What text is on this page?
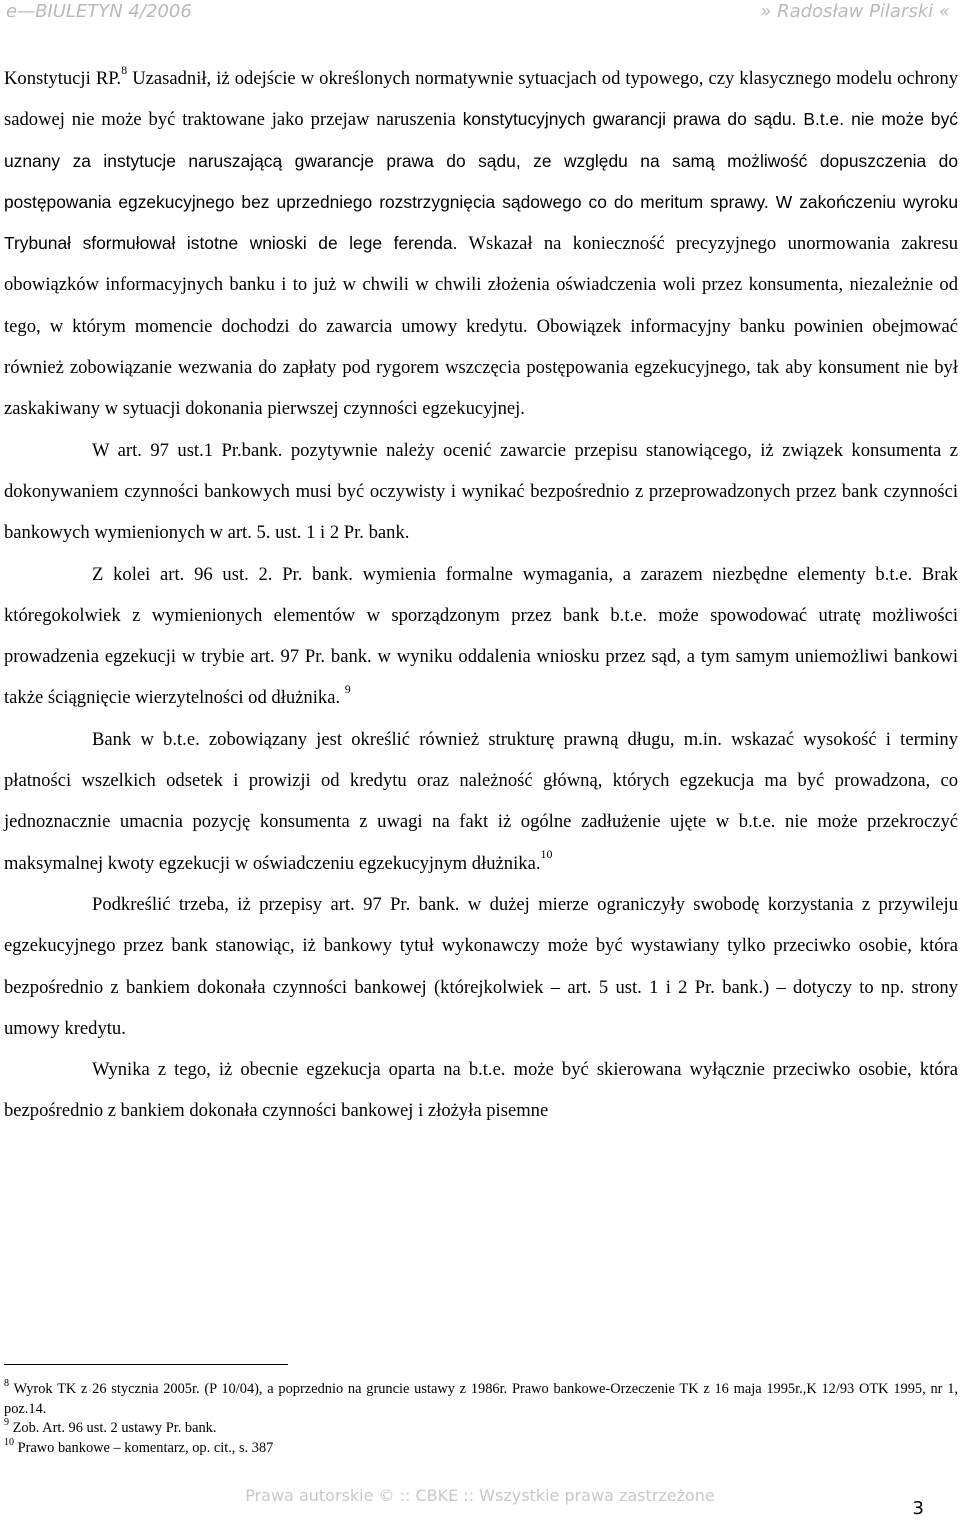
e—BIULETYN 4/2006	» Radosław Pilarski «

Konstytucji RP.$^8$ Uzasadnił, iż odejście w określonych normatywnie sytuacjach od typowego, czy klasycznego modelu ochrony sadowej nie może być traktowane jako przejaw naruszenia konstytucyjnych gwarancji prawa do sądu. B.t.e. nie może być uznany za instytucje naruszającą gwarancje prawa do sądu, ze względu na samą możliwość dopuszczenia do postępowania egzekucyjnego bez uprzedniego rozstrzygnięcia sądowego co do meritum sprawy. W zakończeniu wyroku Trybunał sformułował istotne wnioski de lege ferenda. Wskazał na konieczność precyzyjnego unormowania zakresu obowiązków informacyjnych banku i to już w chwili w chwili złożenia oświadczenia woli przez konsumenta, niezależnie od tego, w którym momencie dochodzi do zawarcia umowy kredytu. Obowiązek informacyjny banku powinien obejmować również zobowiązanie wezwania do zapłaty pod rygorem wszczęcia postępowania egzekucyjnego, tak aby konsument nie był zaskakiwany w sytuacji dokonania pierwszej czynności egzekucyjnej.

W art. 97 ust.1 Pr.bank. pozytywnie należy ocenić zawarcie przepisu stanowiącego, iż związek konsumenta z dokonywaniem czynności bankowych musi być oczywisty i wynikać bezpośrednio z przeprowadzonych przez bank czynności bankowych wymienionych w art. 5. ust. 1 i 2 Pr. bank.

Z kolei art. 96 ust. 2. Pr. bank. wymienia formalne wymagania, a zarazem niezbędne elementy b.t.e. Brak któregokolwiek z wymienionych elementów w sporządzonym przez bank b.t.e. może spowodować utratę możliwości prowadzenia egzekucji w trybie art. 97 Pr. bank. w wyniku oddalenia wniosku przez sąd, a tym samym uniemożliwi bankowi także ściągnięcie wierzytelności od dłużnika. $^9$

Bank w b.t.e. zobowiązany jest określić również strukturę prawną długu, m.in. wskazać wysokość i terminy płatności wszelkich odsetek i prowizji od kredytu oraz należność główną, których egzekucja ma być prowadzona, co jednoznacznie umacnia pozycję konsumenta z uwagi na fakt iż ogólne zadłużenie ujęte w b.t.e. nie może przekroczyć maksymalnej kwoty egzekucji w oświadczeniu egzekucyjnym dłużnika.$^{10}$

Podkreślić trzeba, iż przepisy art. 97 Pr. bank. w dużej mierze ograniczyły swobodę korzystania z przywileju egzekucyjnego przez bank stanowiąc, iż bankowy tytuł wykonawczy może być wystawiany tylko przeciwko osobie, która bezpośrednio z bankiem dokonała czynności bankowej (którejkolwiek – art. 5 ust. 1 i 2 Pr. bank.) – dotyczy to np. strony umowy kredytu.

Wynika z tego, iż obecnie egzekucja oparta na b.t.e. może być skierowana wyłącznie przeciwko osobie, która bezpośrednio z bankiem dokonała czynności bankowej i złożyła pisemne

$^8$ Wyrok TK z 26 stycznia 2005r. (P 10/04), a poprzednio na gruncie ustawy z 1986r. Prawo bankowe-Orzeczenie TK z 16 maja 1995r.,K 12/93 OTK 1995, nr 1, poz.14.

$^9$ Zob. Art. 96 ust. 2 ustawy Pr. bank.

$^{10}$ Prawo bankowe – komentarz, op. cit., s. 387

Prawa autorskie © :: CBKE :: Wszystkie prawa zastrzeżone
3
